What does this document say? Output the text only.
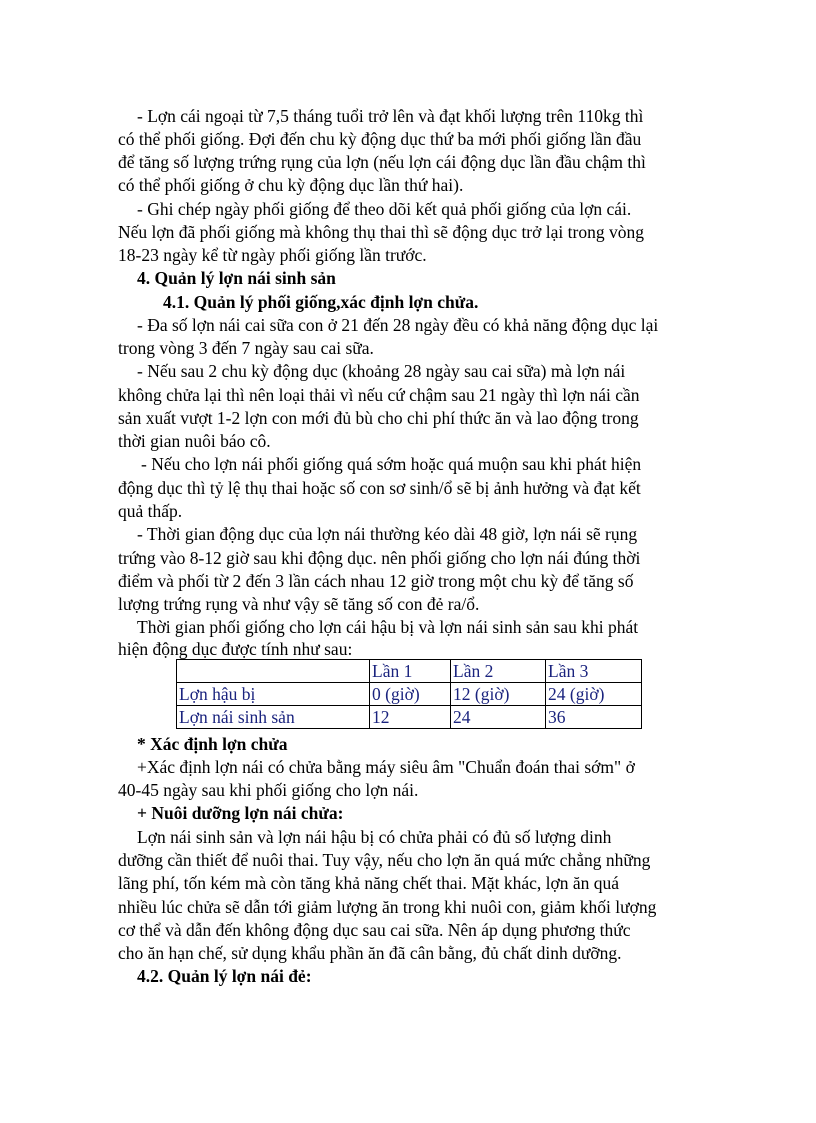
- Lợn cái ngoại từ 7,5 tháng tuổi trở lên và đạt khối lượng trên 110kg thì
có thể phối giống. Đợi đến chu kỳ động dục thứ ba mới phối giống lần đầu
để tăng số lượng trứng rụng của lợn (nếu lợn cái động dục lần đầu chậm thì
có thể phối giống ở chu kỳ động dục lần thứ hai).
- Ghi chép ngày phối giống để theo dõi kết quả phối giống của lợn cái.
Nếu lợn đã phối giống mà không thụ thai thì sẽ động dục trở lại trong vòng
18-23 ngày kể từ ngày phối giống lần trước.
4. Quản lý lợn nái sinh sản
4.1. Quản lý phối giống,xác định lợn chửa.
- Đa số lợn nái cai sữa con ở 21 đến 28 ngày đều có khả năng động dục lại
trong vòng 3 đến 7 ngày sau cai sữa.
- Nếu sau 2 chu kỳ động dục (khoảng 28 ngày sau cai sữa) mà lợn nái
không chửa lại thì nên loại thải vì nếu cứ chậm sau 21 ngày thì lợn nái cần
sản xuất vượt 1-2 lợn con mới đủ bù cho chi phí thức ăn và lao động trong
thời gian nuôi báo cô.
- Nếu cho lợn nái phối giống quá sớm hoặc quá muộn sau khi phát hiện
động dục thì tỷ lệ thụ thai hoặc số con sơ sinh/ổ sẽ bị ảnh hưởng và đạt kết
quả thấp.
- Thời gian động dục của lợn nái thường kéo dài 48 giờ, lợn nái sẽ rụng
trứng vào 8-12 giờ sau khi động dục. nên phối giống cho lợn nái đúng thời
điểm và phối từ 2 đến 3 lần cách nhau 12 giờ trong một chu kỳ để tăng số
lượng trứng rụng và như vậy sẽ tăng số con đẻ ra/ổ.
Thời gian phối giống cho lợn cái hậu bị và lợn nái sinh sản sau khi phát
hiện động dục được tính như sau:
	Lần 1	Lần 2	Lần 3
Lợn hậu bị	0 (giờ)	12 (giờ)	24 (giờ)
Lợn nái sinh sản	12	24	36
* Xác định lợn chửa
+Xác định lợn nái có chửa bằng máy siêu âm "Chuẩn đoán thai sớm" ở
40-45 ngày sau khi phối giống cho lợn nái.
+ Nuôi dưỡng lợn nái chửa:
Lợn nái sinh sản và lợn nái hậu bị có chửa phải có đủ số lượng dinh
dưỡng cần thiết để nuôi thai. Tuy vậy, nếu cho lợn ăn quá mức chẳng những
lãng phí, tốn kém mà còn tăng khả năng chết thai. Mặt khác, lợn ăn quá
nhiều lúc chửa sẽ dẫn tới giảm lượng ăn trong khi nuôi con, giảm khối lượng
cơ thể và dẫn đến không động dục sau cai sữa. Nên áp dụng phương thức
cho ăn hạn chế, sử dụng khẩu phần ăn đã cân bằng, đủ chất dinh dưỡng.
4.2. Quản lý lợn nái đẻ:
